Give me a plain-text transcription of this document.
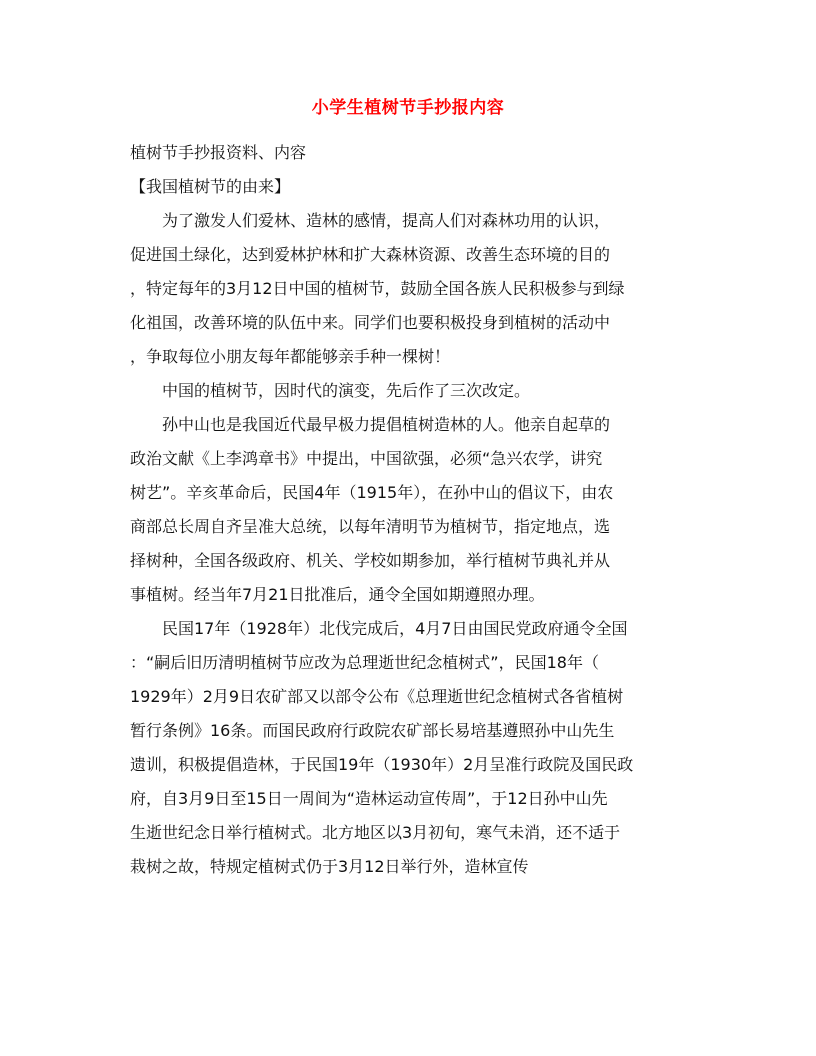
小学生植树节手抄报内容
植树节手抄报资料、内容
【我国植树节的由来】
为了激发人们爱林、造林的感情，提高人们对森林功用的认识，
促进国土绿化，达到爱林护林和扩大森林资源、改善生态环境的目的
，特定每年的3月12日中国的植树节，鼓励全国各族人民积极参与到绿
化祖国，改善环境的队伍中来。同学们也要积极投身到植树的活动中
，争取每位小朋友每年都能够亲手种一棵树！
中国的植树节，因时代的演变，先后作了三次改定。
孙中山也是我国近代最早极力提倡植树造林的人。他亲自起草的
政治文献《上李鸿章书》中提出，中国欲强，必须“急兴农学，讲究
树艺”。辛亥革命后，民国4年（1915年），在孙中山的倡议下，由农
商部总长周自齐呈准大总统，以每年清明节为植树节，指定地点，选
择树种，全国各级政府、机关、学校如期参加，举行植树节典礼并从
事植树。经当年7月21日批准后，通令全国如期遵照办理。
民国17年（1928年）北伐完成后，4月7日由国民党政府通令全国
：“嗣后旧历清明植树节应改为总理逝世纪念植树式”，民国18年（
1929年）2月9日农矿部又以部令公布《总理逝世纪念植树式各省植树
暂行条例》16条。而国民政府行政院农矿部长易培基遵照孙中山先生
遗训，积极提倡造林，于民国19年（1930年）2月呈准行政院及国民政
府，自3月9日至15日一周间为“造林运动宣传周”，于12日孙中山先
生逝世纪念日举行植树式。北方地区以3月初旬，寒气未消，还不适于
栽树之故，特规定植树式仍于3月12日举行外，造林宣传
